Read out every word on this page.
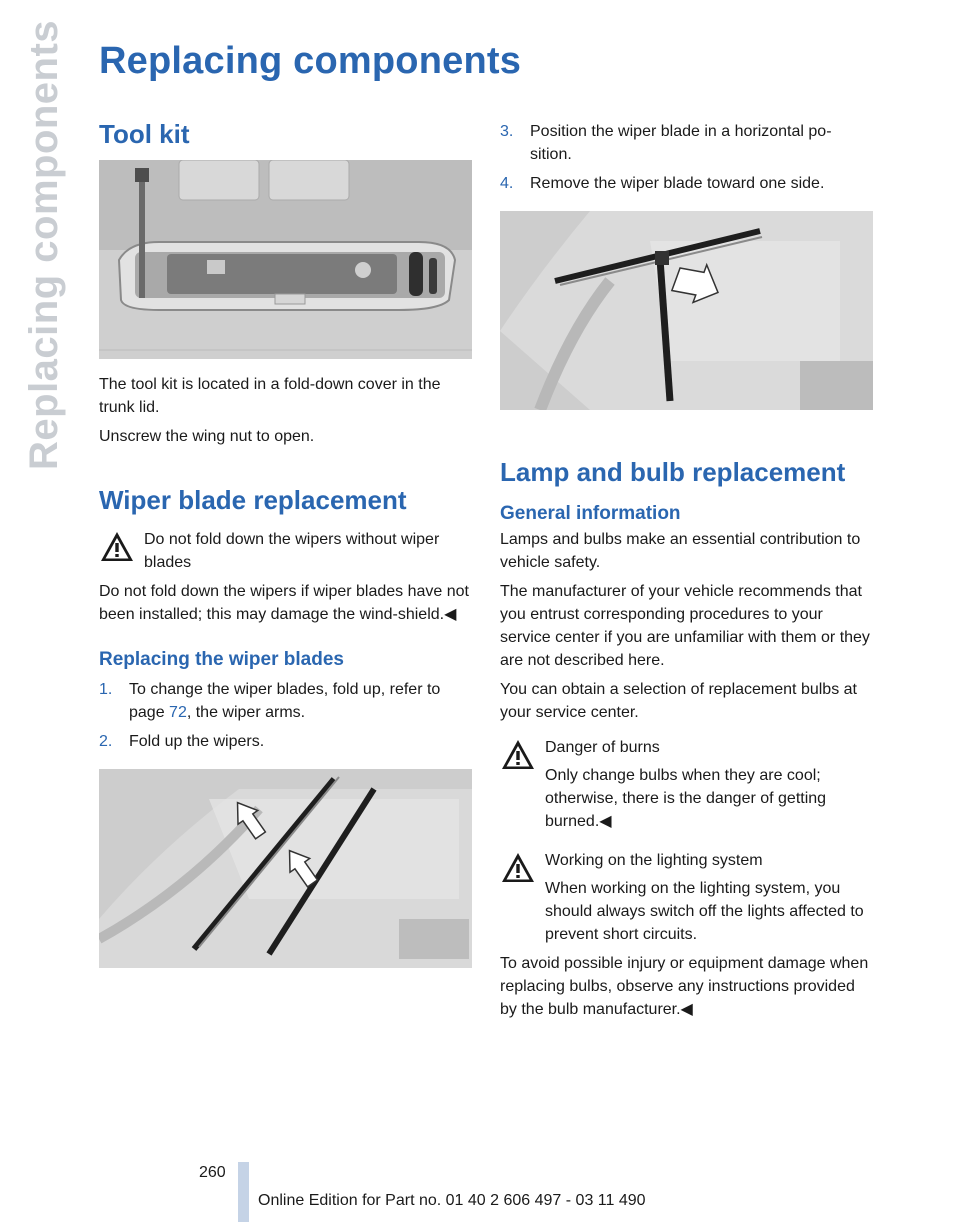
Replacing components Replacing components
Tool kit

The tool kit is located in a fold-down cover in the trunk lid.

Unscrew the wing nut to open.

Wiper blade replacement
Do not fold down the wipers without wiper blades

Do not fold down the wipers if wiper blades have not been installed; this may damage the wind‐shield.◀

Replacing the wiper blades
1. To change the wiper blades, fold up, refer to page 72, the wiper arms.
2. Fold up the wipers.
3. Position the wiper blade in a horizontal po‐sition.
4. Remove the wiper blade toward one side.
Lamp and bulb replacement
General information

Lamps and bulbs make an essential contribution to vehicle safety.

The manufacturer of your vehicle recommends that you entrust corresponding procedures to your service center if you are unfamiliar with them or they are not described here.

You can obtain a selection of replacement bulbs at your service center.

Danger of burns
Only change bulbs when they are cool; otherwise, there is the danger of getting burned.◀
Working on the lighting system
When working on the lighting system, you should always switch off the lights affected to prevent short circuits.

To avoid possible injury or equipment damage when replacing bulbs, observe any instructions provided by the bulb manufacturer.◀

260
Online Edition for Part no. 01 40 2 606 497 - 03 11 490
